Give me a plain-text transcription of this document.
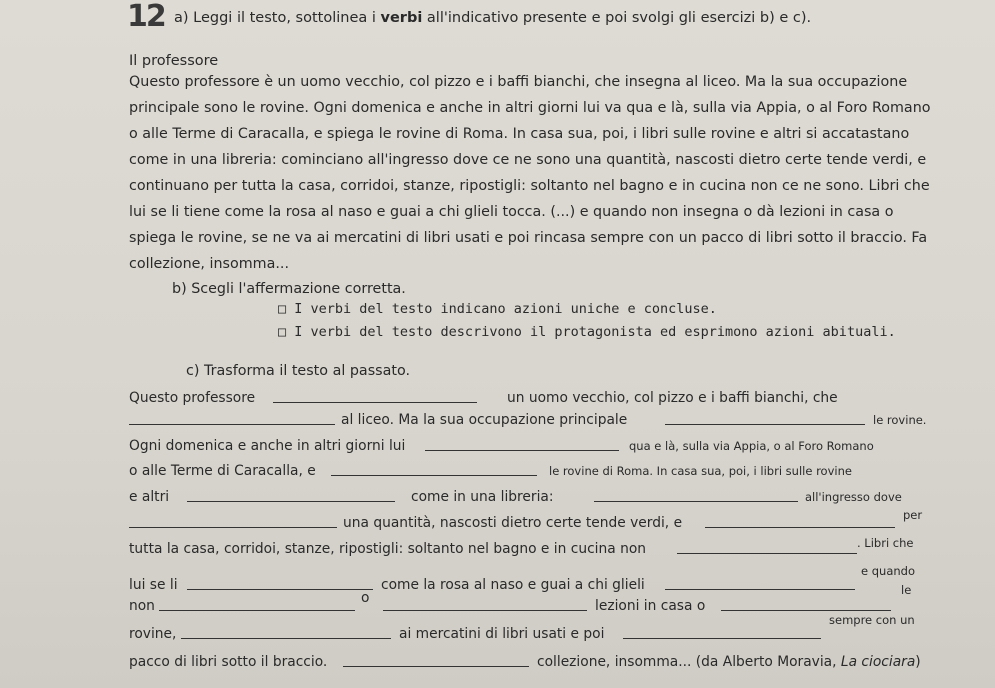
12 a) Leggi il testo, sottolinea i verbi all'indicativo presente e poi svolgi gli esercizi b) e c).
Il professore
Questo professore è un uomo vecchio, col pizzo e i baffi bianchi, che insegna al liceo. Ma la sua occupazione
principale sono le rovine. Ogni domenica e anche in altri giorni lui va qua e là, sulla via Appia, o al Foro Romano
o alle Terme di Caracalla, e spiega le rovine di Roma. In casa sua, poi, i libri sulle rovine e altri si accatastano
come in una libreria: cominciano all'ingresso dove ce ne sono una quantità, nascosti dietro certe tende verdi, e
continuano per tutta la casa, corridoi, stanze, ripostigli: soltanto nel bagno e in cucina non ce ne sono. Libri che
lui se li tiene come la rosa al naso e guai a chi glieli tocca. (...) e quando non insegna o dà lezioni in casa o
spiega le rovine, se ne va ai mercatini di libri usati e poi rincasa sempre con un pacco di libri sotto il braccio. Fa
collezione, insomma...
b) Scegli l'affermazione corretta.
□ I verbi del testo indicano azioni uniche e concluse.
□ I verbi del testo descrivono il protagonista ed esprimono azioni abituali.
c) Trasforma il testo al passato.
Questo professore	un uomo vecchio, col pizzo e i baffi bianchi, che
al liceo. Ma la sua occupazione principale	le rovine.
Ogni domenica e anche in altri giorni lui	qua e là, sulla via Appia, o al Foro Romano
o alle Terme di Caracalla, e	le rovine di Roma. In casa sua, poi, i libri sulle rovine
e altri	come in una libreria:	all'ingresso dove
una quantità, nascosti dietro certe tende verdi, e	per
tutta la casa, corridoi, stanze, ripostigli: soltanto nel bagno e in cucina non	. Libri che
lui se li	come la rosa al naso e guai a chi glieli
e quando
non	o	lezioni in casa o
le
rovine,	ai mercatini di libri usati e poi
sempre con un
pacco di libri sotto il braccio.	collezione, insomma... (da Alberto Moravia, La ciociara)
